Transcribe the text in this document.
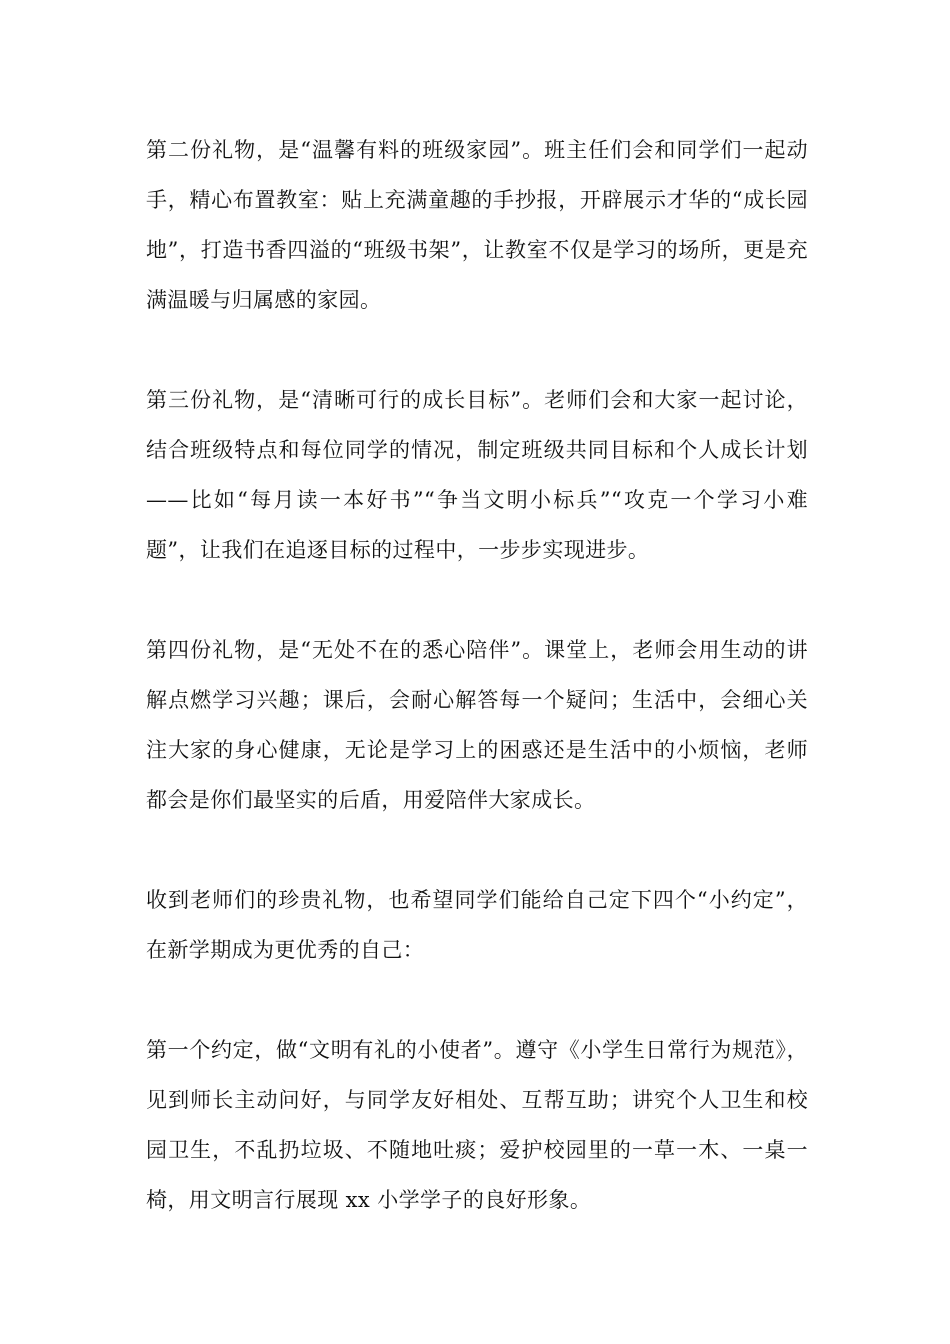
第二份礼物，是“温馨有料的班级家园”。班主任们会和同学们一起动手，精心布置教室：贴上充满童趣的手抄报，开辟展示才华的“成长园地”，打造书香四溢的“班级书架”，让教室不仅是学习的场所，更是充满温暖与归属感的家园。

第三份礼物，是“清晰可行的成长目标”。老师们会和大家一起讨论，结合班级特点和每位同学的情况，制定班级共同目标和个人成长计划——比如“每月读一本好书”“争当文明小标兵”“攻克一个学习小难题”，让我们在追逐目标的过程中，一步步实现进步。

第四份礼物，是“无处不在的悉心陪伴”。课堂上，老师会用生动的讲解点燃学习兴趣；课后，会耐心解答每一个疑问；生活中，会细心关注大家的身心健康，无论是学习上的困惑还是生活中的小烦恼，老师都会是你们最坚实的后盾，用爱陪伴大家成长。

收到老师们的珍贵礼物，也希望同学们能给自己定下四个“小约定”，在新学期成为更优秀的自己：

第一个约定，做“文明有礼的小使者”。遵守《小学生日常行为规范》，见到师长主动问好，与同学友好相处、互帮互助；讲究个人卫生和校园卫生，不乱扔垃圾、不随地吐痰；爱护校园里的一草一木、一桌一椅，用文明言行展现 xx 小学学子的良好形象。
